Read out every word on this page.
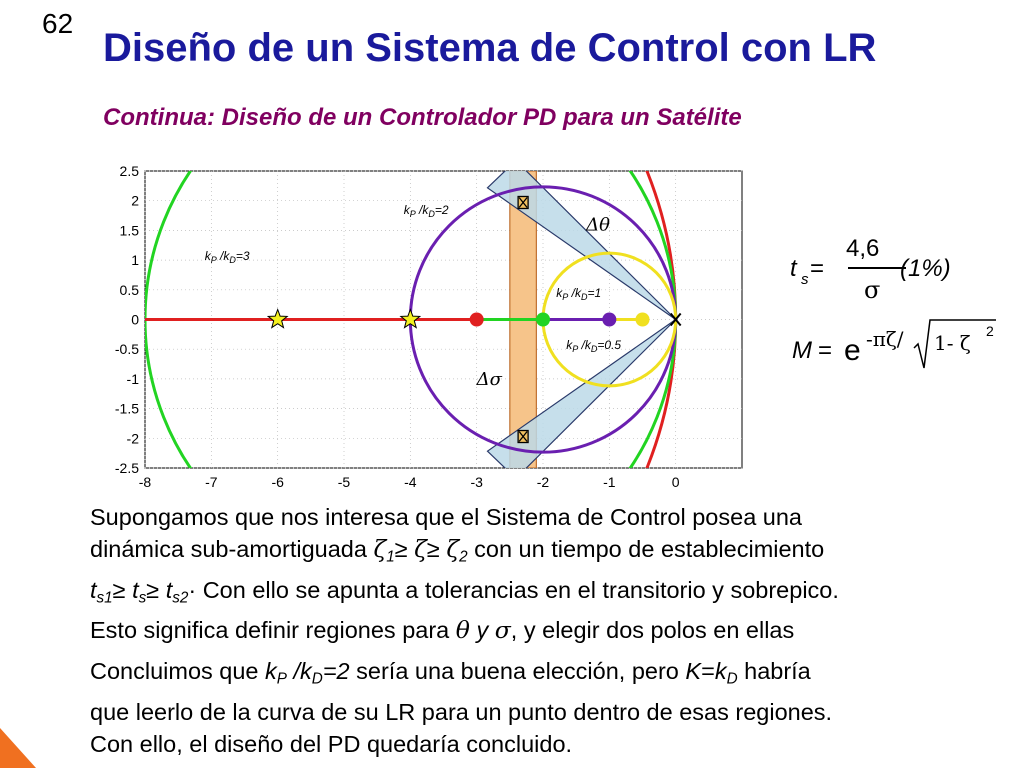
62
Diseño de un Sistema de Control con LR
Continua: Diseño de un Controlador PD para un Satélite
-8	-7	-6	-5	-4	-3	-2	-1	0
2.5
2
1.5
1
0.5
0
-0.5
-1
-1.5
-2
-2.5
$k_P$ $/k_D=3$
$k_P$ $/k_D=2$
$k_P$ $/k_D=1$
$k_P$ $/k_D=0.5$
Δθ
Δσ
t s =
4,6
σ
(1%)
M = e -πζ/ 1- ζ 2
Supongamos que nos interesa que el Sistema de Control posea una
dinámica sub-amortiguada $\zeta_1\ge \zeta\ge \zeta_2$ con un tiempo de establecimiento
$t_{s1}\ge t_s\ge t_{s2}\cdot$ Con ello se apunta a tolerancias en el transitorio y sobrepico.
Esto significa definir regiones para θ y σ, y elegir dos polos en ellas
Concluimos que $k_P$ $/k_D=2$ sería una buena elección, pero $K=k_D$ habría
que leerlo de la curva de su LR para un punto dentro de esas regiones.
Con ello, el diseño del PD quedaría concluido.
